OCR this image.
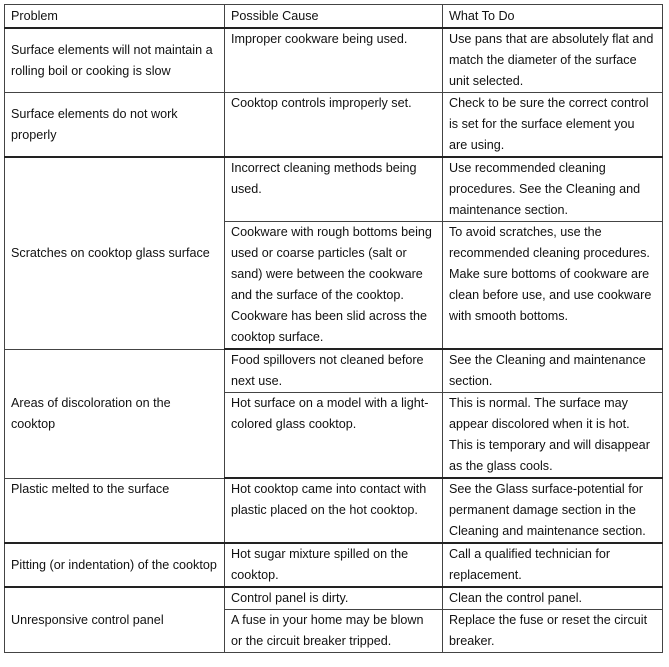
Problem	Possible Cause	What To Do
Surface elements will not maintain a rolling boil or cooking is slow	Improper cookware being used.	Use pans that are absolutely flat and match the diameter of the surface unit selected.
Surface elements do not work properly	Cooktop controls improperly set.	Check to be sure the correct control is set for the surface element you are using.
Scratches on cooktop glass surface	Incorrect cleaning methods being used.	Use recommended cleaning procedures. See the Cleaning and maintenance section.
	Cookware with rough bottoms being used or coarse particles (salt or sand) were between the cookware and the surface of the cooktop. Cookware has been slid across the cooktop surface.	To avoid scratches, use the recommended cleaning procedures. Make sure bottoms of cookware are clean before use, and use cookware with smooth bottoms.
Areas of discoloration on the cooktop	Food spillovers not cleaned before next use.	See the Cleaning and maintenance section.
	Hot surface on a model with a light-colored glass cooktop.	This is normal. The surface may appear discolored when it is hot. This is temporary and will disappear as the glass cools.
Plastic melted to the surface	Hot cooktop came into contact with plastic placed on the hot cooktop.	See the Glass surface-potential for permanent damage section in the Cleaning and maintenance section.
Pitting (or indentation) of the cooktop	Hot sugar mixture spilled on the cooktop.	Call a qualified technician for replacement.
Unresponsive control panel	Control panel is dirty.	Clean the control panel.
	A fuse in your home may be blown or the circuit breaker tripped.	Replace the fuse or reset the circuit breaker.
